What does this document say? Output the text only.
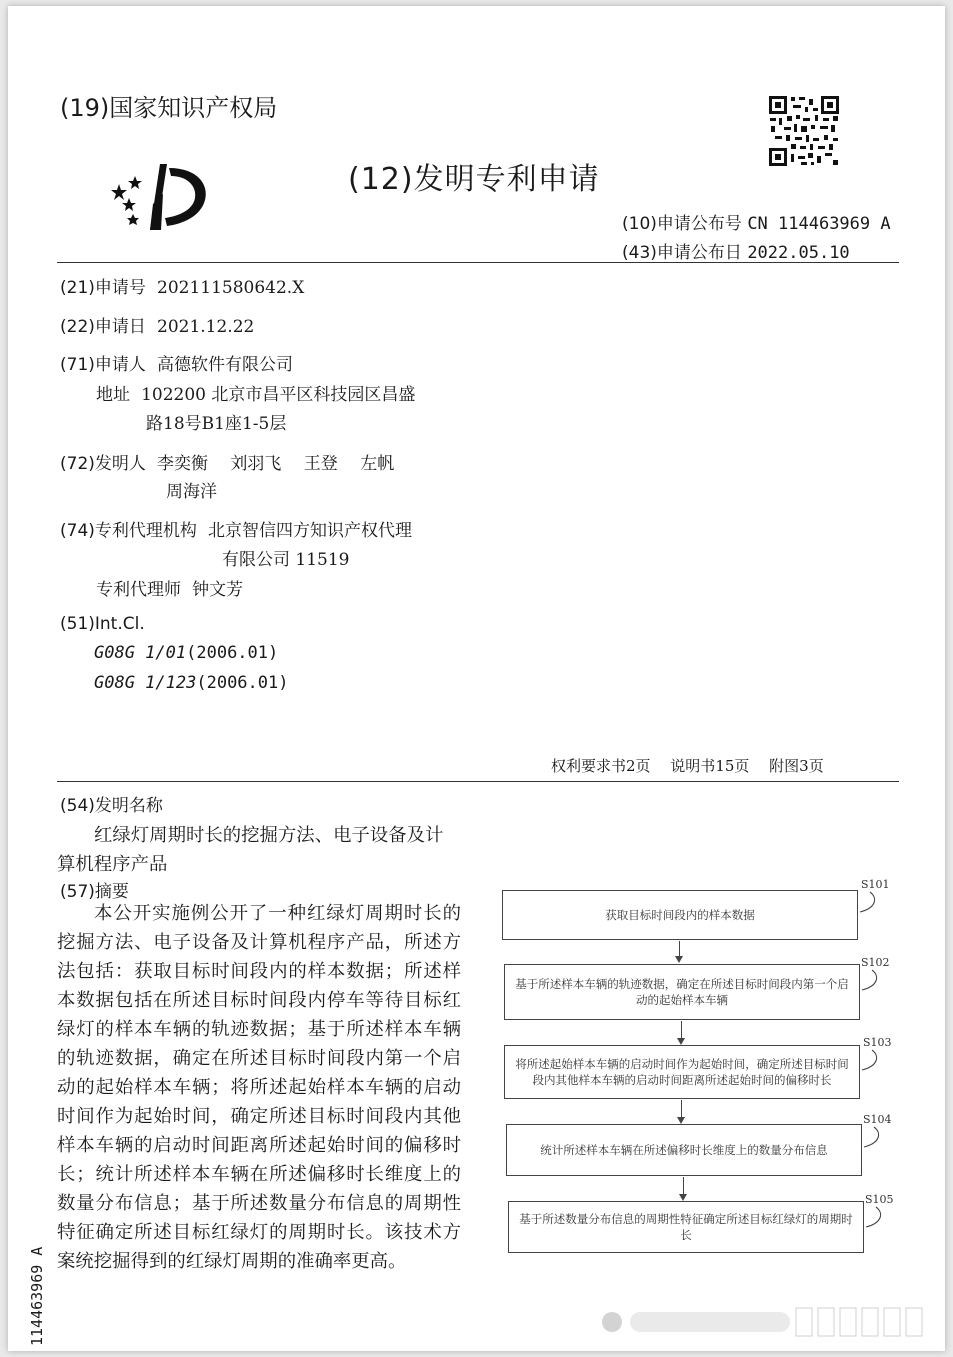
(19)国家知识产权局
(12)发明专利申请
(10)申请公布号 CN 114463969 A
(43)申请公布日 2022.05.10
(21)申请号 202111580642.X
(22)申请日 2021.12.22
(71)申请人 高德软件有限公司
地址 102200 北京市昌平区科技园区昌盛
路18号B1座1-5层
(72)发明人 李奕衡　 刘羽飞　 王登　 左帆
周海洋
(74)专利代理机构 北京智信四方知识产权代理
有限公司 11519
专利代理师 钟文芳
(51)Int.Cl.
G08G 1/01(2006.01)
G08G 1/123(2006.01)
权利要求书2页　 说明书15页　 附图3页
(54)发明名称
红绿灯周期时长的挖掘方法、电子设备及计算机程序产品
(57)摘要
本公开实施例公开了一种红绿灯周期时长的挖掘方法、电子设备及计算机程序产品，所述方法包括：获取目标时间段内的样本数据；所述样本数据包括在所述目标时间段内停车等待目标红绿灯的样本车辆的轨迹数据；基于所述样本车辆的轨迹数据，确定在所述目标时间段内第一个启动的起始样本车辆；将所述起始样本车辆的启动时间作为起始时间，确定所述目标时间段内其他样本车辆的启动时间距离所述起始时间的偏移时长；统计所述样本车辆在所述偏移时长维度上的数量分布信息；基于所述数量分布信息的周期性特征确定所述目标红绿灯的周期时长。该技术方案统挖掘得到的红绿灯周期的准确率更高。
获取目标时间段内的样本数据
S101
基于所述样本车辆的轨迹数据，确定在所述目标时间段内第一个启动的起始样本车辆
S102
将所述起始样本车辆的启动时间作为起始时间，确定所述目标时间段内其他样本车辆的启动时间距离所述起始时间的偏移时长
S103
统计所述样本车辆在所述偏移时长维度上的数量分布信息
S104
基于所述数量分布信息的周期性特征确定所述目标红绿灯的周期时长
S105
114463969 A
